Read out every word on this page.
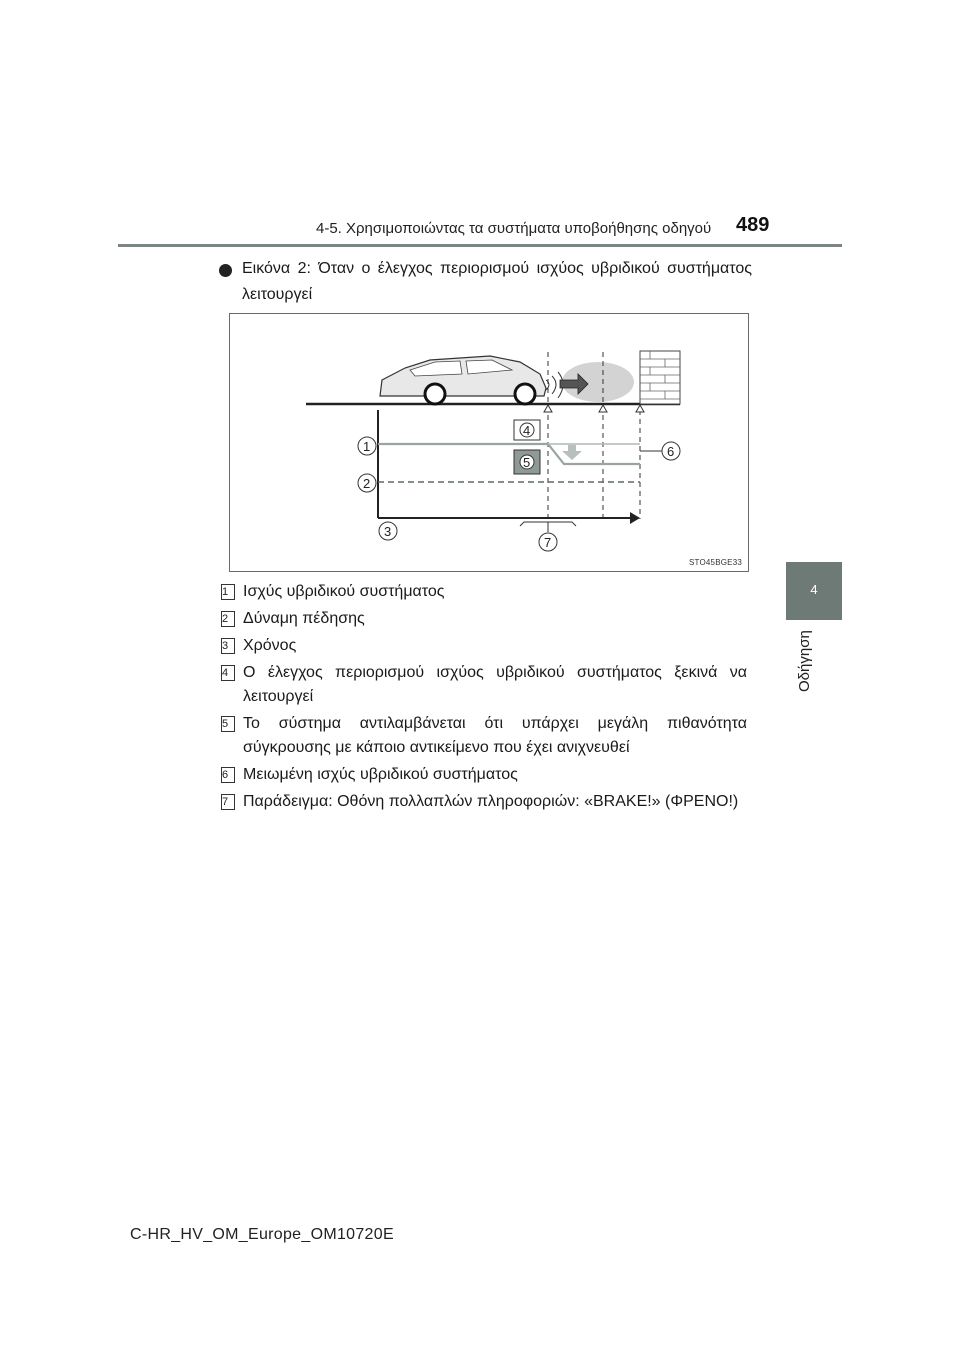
4-5. Χρησιμοποιώντας τα συστήματα υποβοήθησης οδηγού 489
4
Οδήγηση
Εικόνα 2: Όταν ο έλεγχος περιορισμού ισχύος υβριδικού συστήματος λειτουργεί
1
2
3
4
5
6
7
STO45BGE33
1 Ισχύς υβριδικού συστήματος
2 Δύναμη πέδησης
3 Χρόνος
4 Ο έλεγχος περιορισμού ισχύος υβριδικού συστήματος ξεκινά να λειτουργεί
5 Το σύστημα αντιλαμβάνεται ότι υπάρχει μεγάλη πιθανότητα σύγκρουσης με κάποιο αντικείμενο που έχει ανιχνευθεί
6 Μειωμένη ισχύς υβριδικού συστήματος
7 Παράδειγμα: Οθόνη πολλαπλών πληροφοριών: «BRAKE!» (ΦΡΕΝΟ!)
C-HR_HV_OM_Europe_OM10720E
